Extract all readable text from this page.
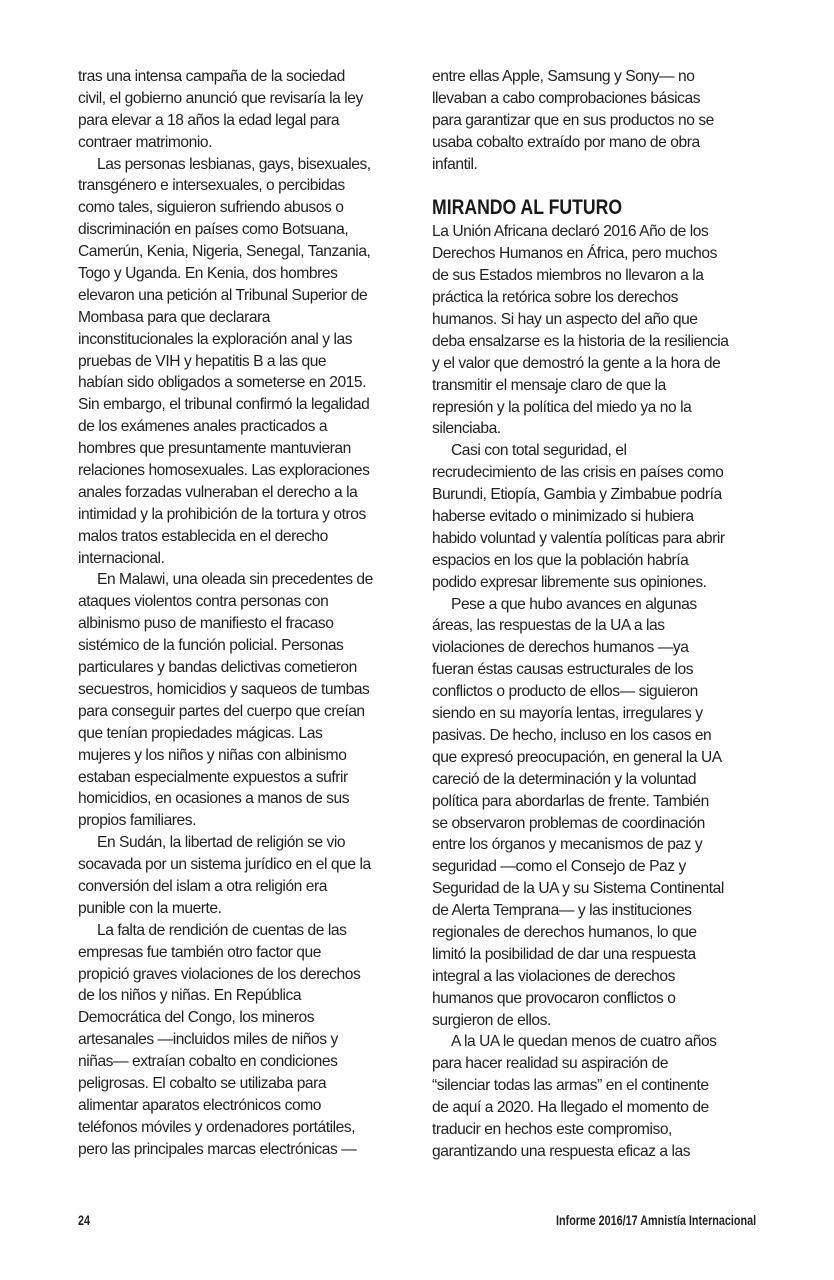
tras una intensa campaña de la sociedad
civil, el gobierno anunció que revisaría la ley
para elevar a 18 años la edad legal para
contraer matrimonio.
Las personas lesbianas, gays, bisexuales,
transgénero e intersexuales, o percibidas
como tales, siguieron sufriendo abusos o
discriminación en países como Botsuana,
Camerún, Kenia, Nigeria, Senegal, Tanzania,
Togo y Uganda. En Kenia, dos hombres
elevaron una petición al Tribunal Superior de
Mombasa para que declarara
inconstitucionales la exploración anal y las
pruebas de VIH y hepatitis B a las que
habían sido obligados a someterse en 2015.
Sin embargo, el tribunal confirmó la legalidad
de los exámenes anales practicados a
hombres que presuntamente mantuvieran
relaciones homosexuales. Las exploraciones
anales forzadas vulneraban el derecho a la
intimidad y la prohibición de la tortura y otros
malos tratos establecida en el derecho
internacional.
En Malawi, una oleada sin precedentes de
ataques violentos contra personas con
albinismo puso de manifiesto el fracaso
sistémico de la función policial. Personas
particulares y bandas delictivas cometieron
secuestros, homicidios y saqueos de tumbas
para conseguir partes del cuerpo que creían
que tenían propiedades mágicas. Las
mujeres y los niños y niñas con albinismo
estaban especialmente expuestos a sufrir
homicidios, en ocasiones a manos de sus
propios familiares.
En Sudán, la libertad de religión se vio
socavada por un sistema jurídico en el que la
conversión del islam a otra religión era
punible con la muerte.
La falta de rendición de cuentas de las
empresas fue también otro factor que
propició graves violaciones de los derechos
de los niños y niñas. En República
Democrática del Congo, los mineros
artesanales —incluidos miles de niños y
niñas— extraían cobalto en condiciones
peligrosas. El cobalto se utilizaba para
alimentar aparatos electrónicos como
teléfonos móviles y ordenadores portátiles,
pero las principales marcas electrónicas —
entre ellas Apple, Samsung y Sony— no
llevaban a cabo comprobaciones básicas
para garantizar que en sus productos no se
usaba cobalto extraído por mano de obra
infantil.
MIRANDO AL FUTURO
La Unión Africana declaró 2016 Año de los
Derechos Humanos en África, pero muchos
de sus Estados miembros no llevaron a la
práctica la retórica sobre los derechos
humanos. Si hay un aspecto del año que
deba ensalzarse es la historia de la resiliencia
y el valor que demostró la gente a la hora de
transmitir el mensaje claro de que la
represión y la política del miedo ya no la
silenciaba.
Casi con total seguridad, el
recrudecimiento de las crisis en países como
Burundi, Etiopía, Gambia y Zimbabue podría
haberse evitado o minimizado si hubiera
habido voluntad y valentía políticas para abrir
espacios en los que la población habría
podido expresar libremente sus opiniones.
Pese a que hubo avances en algunas
áreas, las respuestas de la UA a las
violaciones de derechos humanos —ya
fueran éstas causas estructurales de los
conflictos o producto de ellos— siguieron
siendo en su mayoría lentas, irregulares y
pasivas. De hecho, incluso en los casos en
que expresó preocupación, en general la UA
careció de la determinación y la voluntad
política para abordarlas de frente. También
se observaron problemas de coordinación
entre los órganos y mecanismos de paz y
seguridad —como el Consejo de Paz y
Seguridad de la UA y su Sistema Continental
de Alerta Temprana— y las instituciones
regionales de derechos humanos, lo que
limitó la posibilidad de dar una respuesta
integral a las violaciones de derechos
humanos que provocaron conflictos o
surgieron de ellos.
A la UA le quedan menos de cuatro años
para hacer realidad su aspiración de
“silenciar todas las armas” en el continente
de aquí a 2020. Ha llegado el momento de
traducir en hechos este compromiso,
garantizando una respuesta eficaz a las
24	Informe 2016/17 Amnistía Internacional
